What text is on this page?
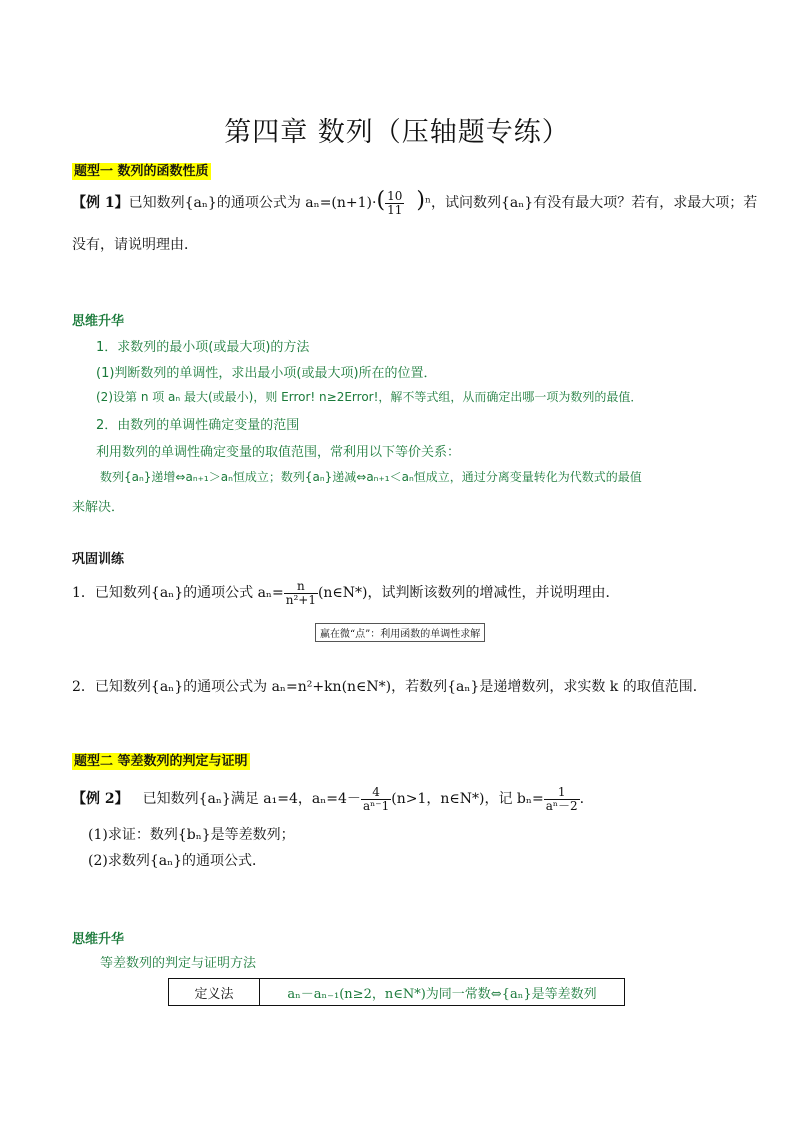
第四章 数列（压轴题专练）
题型一 数列的函数性质
【例 1】已知数列{aₙ}的通项公式为 $a_n=(n+1)\cdot( \frac{10}{11} )^n$，试问数列{aₙ}有没有最大项？若有，求最大项；若
没有，请说明理由．
思维升华
1．求数列的最小项(或最大项)的方法
(1)判断数列的单调性，求出最小项(或最大项)所在的位置．
(2)设第 n 项 aₙ 最大(或最小)，则 Error! n≥2Error!，解不等式组，从而确定出哪一项为数列的最值．
2．由数列的单调性确定变量的范围
利用数列的单调性确定变量的取值范围，常利用以下等价关系：
数列{aₙ}递增⇔aₙ₊₁＞aₙ恒成立；数列{aₙ}递减⇔aₙ₊₁＜aₙ恒成立，通过分离变量转化为代数式的最值
来解决．
巩固训练
1．已知数列{aₙ}的通项公式 $a_n= \frac{n}{\text{n²+1}}$ (n∈N*)，试判断该数列的增减性，并说明理由．
赢在微“点”：利用函数的单调性求解
2．已知数列{aₙ}的通项公式为 aₙ=n²+kn(n∈N*)，若数列{aₙ}是递增数列，求实数 k 的取值范围．
题型二 等差数列的判定与证明
【例 2】 已知数列{aₙ}满足 a₁=4，$a_n=4- \frac{4}{\text{aⁿ⁻1}} (n>1$，n∈N*)，记 $b_n= \frac{1}{\text{aⁿ－2}}$ .
(1)求证：数列{bₙ}是等差数列；
(2)求数列{aₙ}的通项公式．
思维升华
等差数列的判定与证明方法
定义法	aₙ－aₙ₋₁(n≥2，n∈N*)为同一常数⇔{aₙ}是等差数列
